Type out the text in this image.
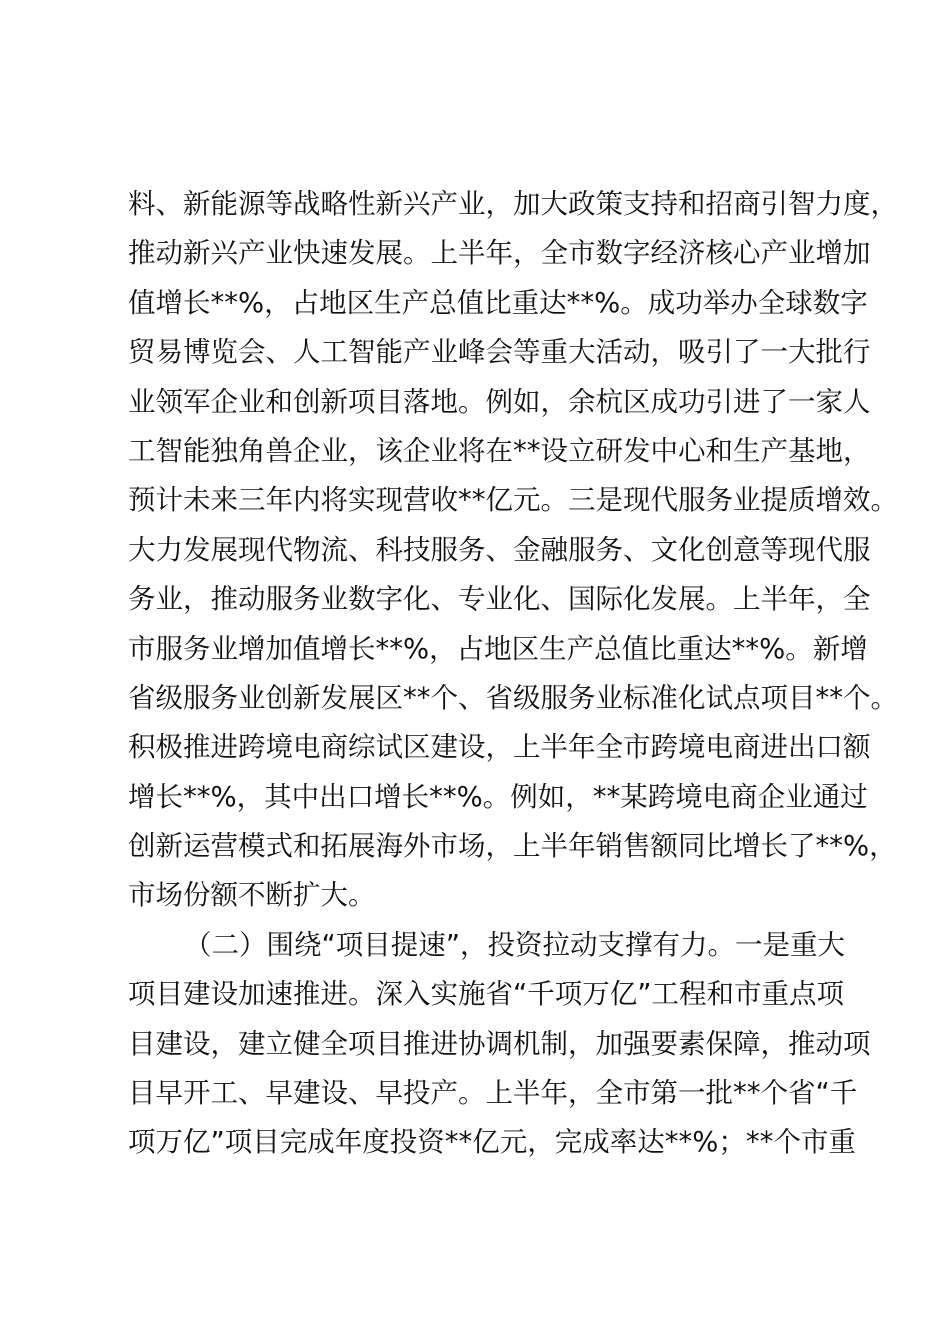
料、新能源等战略性新兴产业，加大政策支持和招商引智力度，
推动新兴产业快速发展。上半年，全市数字经济核心产业增加
值增长**%，占地区生产总值比重达**%。成功举办全球数字
贸易博览会、人工智能产业峰会等重大活动，吸引了一大批行
业领军企业和创新项目落地。例如，余杭区成功引进了一家人
工智能独角兽企业，该企业将在**设立研发中心和生产基地，
预计未来三年内将实现营收**亿元。三是现代服务业提质增效。
大力发展现代物流、科技服务、金融服务、文化创意等现代服
务业，推动服务业数字化、专业化、国际化发展。上半年，全
市服务业增加值增长**%，占地区生产总值比重达**%。新增
省级服务业创新发展区**个、省级服务业标准化试点项目**个。
积极推进跨境电商综试区建设，上半年全市跨境电商进出口额
增长**%，其中出口增长**%。例如，**某跨境电商企业通过
创新运营模式和拓展海外市场，上半年销售额同比增长了**%，
市场份额不断扩大。
（二）围绕“项目提速”，投资拉动支撑有力。一是重大
项目建设加速推进。深入实施省“千项万亿”工程和市重点项
目建设，建立健全项目推进协调机制，加强要素保障，推动项
目早开工、早建设、早投产。上半年，全市第一批**个省“千
项万亿”项目完成年度投资**亿元，完成率达**%；**个市重
